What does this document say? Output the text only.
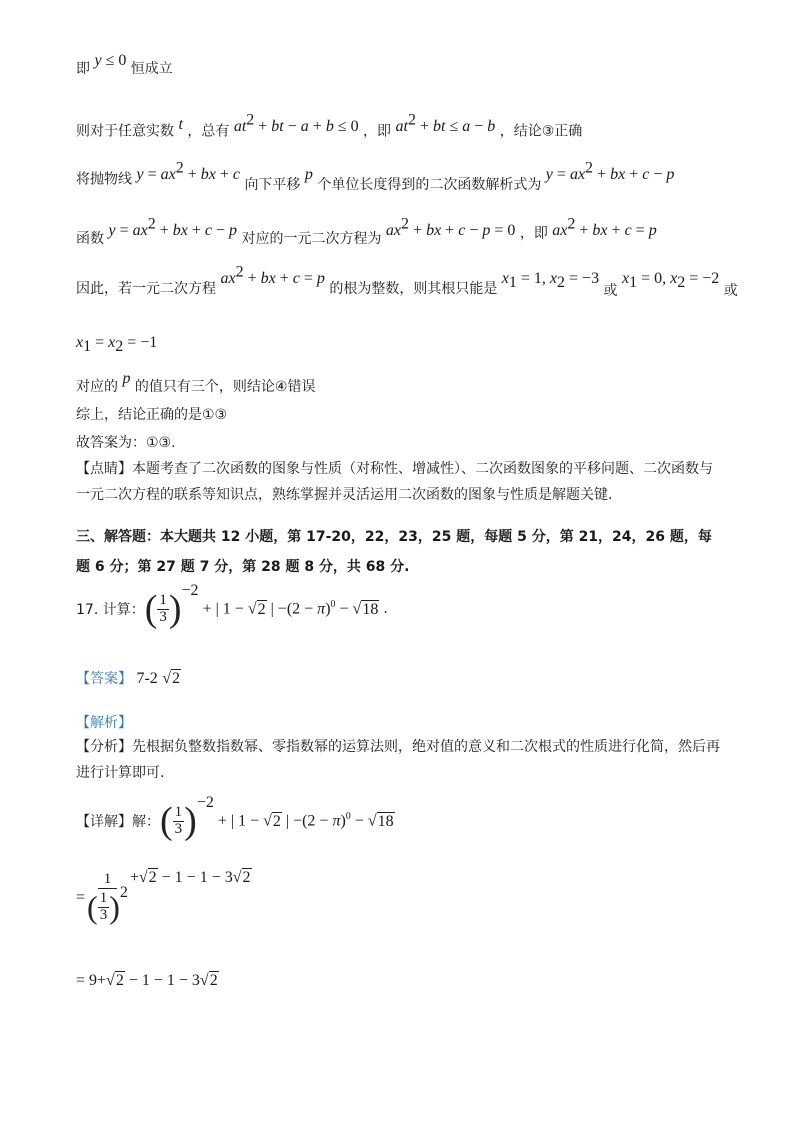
即 y ≤ 0 恒成立
则对于任意实数 t ，总有 $at^2$ + bt − a + b ≤ 0 ，即 $at^2$ + bt ≤ a − b ，结论③正确
将抛物线 $y = ax^2$ + bx + c 向下平移 p 个单位长度得到的二次函数解析式为 $y = ax^2$ + bx + c − p
函数 $y = ax^2$ + bx + c − p 对应的一元二次方程为 $ax^2$ + bx + c − p = 0 ，即 $ax^2$ + bx + c = p
因此，若一元二次方程 $ax^2$ + bx + c = p 的根为整数，则其根只能是 $x_1 = 1$, $x_2 = -3$ 或 $x_1 = 0$, $x_2 = -2$ 或
$x_1 = x_2 = -1$
对应的 p 的值只有三个，则结论④错误
综上，结论正确的是①③
故答案为：①③.
【点睛】本题考查了二次函数的图象与性质（对称性、增减性）、二次函数图象的平移问题、二次函数与
一元二次方程的联系等知识点，熟练掌握并灵活运用二次函数的图象与性质是解题关键.
三、解答题：本大题共 12 小题，第 17-20，22，23，25 题，每题 5 分，第 21，24，26 题，每
题 6 分；第 27 题 7 分，第 28 题 8 分，共 68 分.
17. 计算： ( $\frac{1}{3} )^{-2}$
+ | 1 − √2 | $-(2 - \pi)^0 - √18$ .
【答案】 7-2 √2
【解析】
【分析】先根据负整数指数幂、零指数幂的运算法则，绝对值的意义和二次根式的性质进行化简，然后再
进行计算即可.
【详解】 解： ( $\frac{1}{3} )^{-2}$
+ | 1 − √2 | $-(2 - \pi)^0 - √18$
= $\frac{1}{( \frac{1}{3} )^2} +√2 - 1 - 1 - 3√2$
= 9+√2 − 1 − 1 − 3√2
